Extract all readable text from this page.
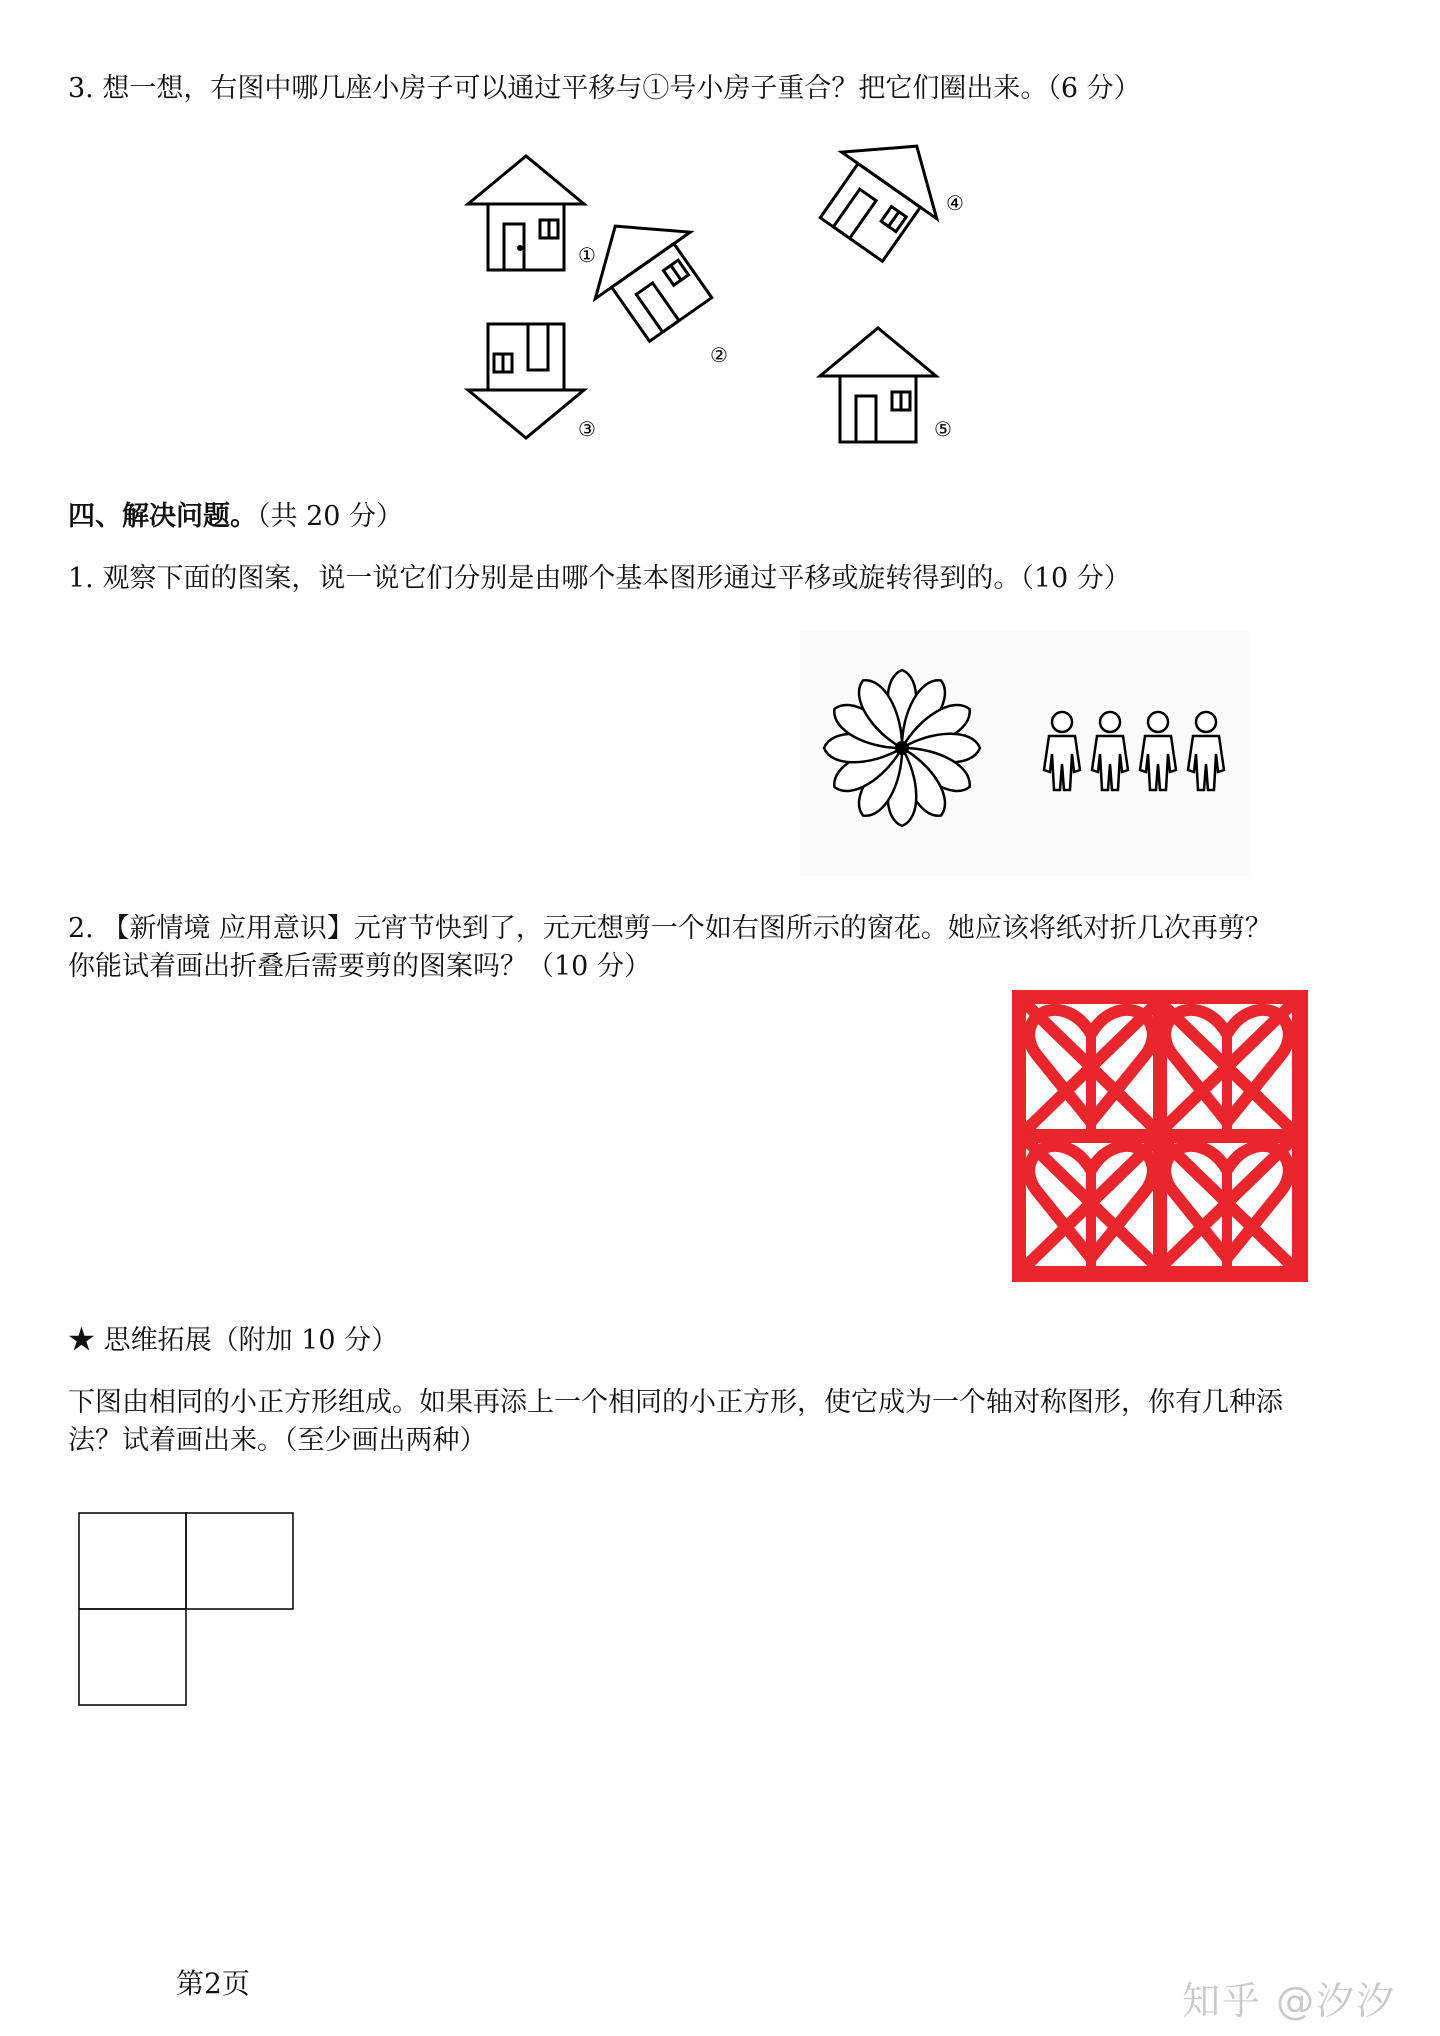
3. 想一想，右图中哪几座小房子可以通过平移与①号小房子重合？把它们圈出来。（6 分）
①
②
③
④
⑤
四、解决问题。（共 20 分）
1. 观察下面的图案，说一说它们分别是由哪个基本图形通过平移或旋转得到的。（10 分）
2. 【新情境 应用意识】元宵节快到了，元元想剪一个如右图所示的窗花。她应该将纸对折几次再剪？
你能试着画出折叠后需要剪的图案吗？（10 分）
★ 思维拓展（附加 10 分）
下图由相同的小正方形组成。如果再添上一个相同的小正方形，使它成为一个轴对称图形，你有几种添
法？试着画出来。（至少画出两种）
第2页	知乎 @汐汐
